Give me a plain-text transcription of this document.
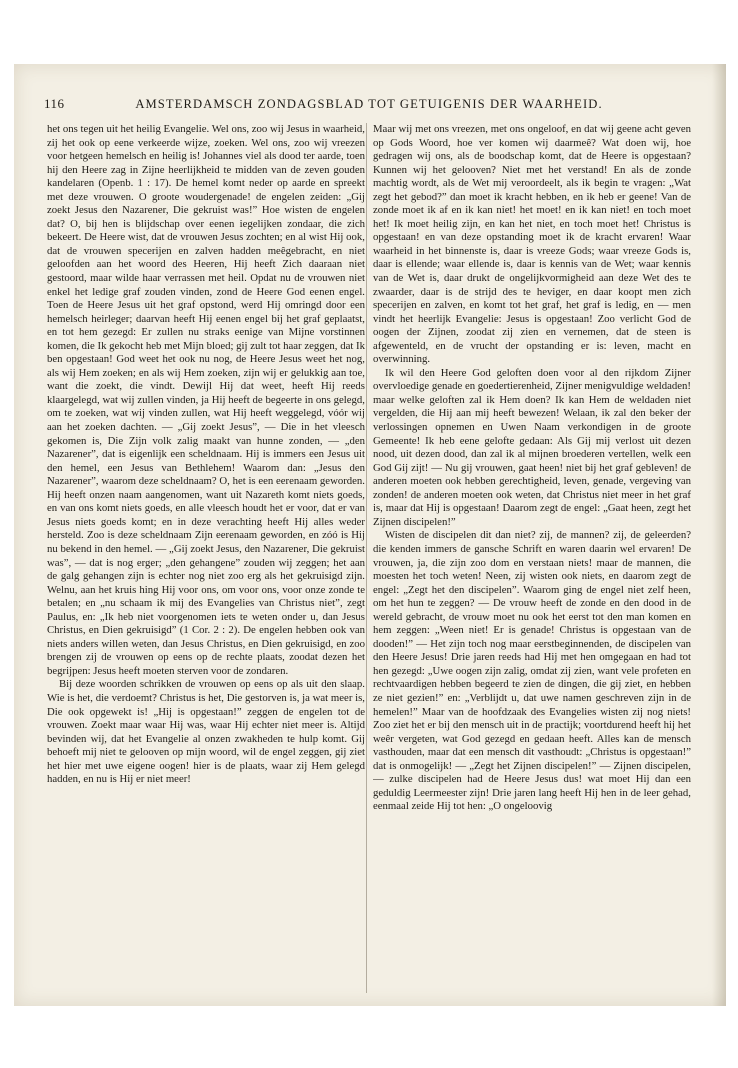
116	AMSTERDAMSCH ZONDAGSBLAD TOT GETUIGENIS DER WAARHEID.

het ons tegen uit het heilig Evangelie. Wel ons, zoo wij Jesus in waarheid, zij het ook op eene verkeerde wijze, zoeken. Wel ons, zoo wij vreezen voor hetgeen hemelsch en heilig is! Johannes viel als dood ter aarde, toen hij den Heere zag in Zijne heerlijkheid te midden van de zeven gouden kandelaren (Openb. 1 : 17). De hemel komt neder op aarde en spreekt met deze vrouwen. O groote woudergenade! de engelen zeiden: „Gij zoekt Jesus den Nazarener, Die gekruist was!” Hoe wisten de engelen dat? O, bij hen is blijdschap over eenen iegelijken zondaar, die zich bekeert. De Heere wist, dat de vrouwen Jesus zochten; en al wist Hij ook, dat de vrouwen specerijen en zalven hadden meêgebracht, en niet geloofden aan het woord des Heeren, Hij heeft Zich daaraan niet gestoord, maar wilde haar verrassen met heil. Opdat nu de vrouwen niet enkel het ledige graf zouden vinden, zond de Heere God eenen engel. Toen de Heere Jesus uit het graf opstond, werd Hij omringd door een hemelsch heirleger; daarvan heeft Hij eenen engel bij het graf geplaatst, en tot hem gezegd: Er zullen nu straks eenige van Mijne vorstinnen komen, die Ik gekocht heb met Mijn bloed; gij zult tot haar zeggen, dat Ik ben opgestaan! God weet het ook nu nog, de Heere Jesus weet het nog, als wij Hem zoeken; en als wij Hem zoeken, zijn wij er gelukkig aan toe, want die zoekt, die vindt. Dewijl Hij dat weet, heeft Hij reeds klaargelegd, wat wij zullen vinden, ja Hij heeft de begeerte in ons gelegd, om te zoeken, wat wij vinden zullen, wat Hij heeft weggelegd, vóór wij aan het zoeken dachten. — „Gij zoekt Jesus”, — Die in het vleesch gekomen is, Die Zijn volk zalig maakt van hunne zonden, — „den Nazarener”, dat is eigenlijk een scheldnaam. Hij is immers een Jesus uit den hemel, een Jesus van Bethlehem! Waarom dan: „Jesus den Nazarener”, waarom deze scheldnaam? O, het is een eerenaam geworden. Hij heeft onzen naam aangenomen, want uit Nazareth komt niets goeds, en van ons komt niets goeds, en alle vleesch houdt het er voor, dat er van Jesus niets goeds komt; en in deze verachting heeft Hij alles weder hersteld. Zoo is deze scheldnaam Zijn eerenaam geworden, en zóó is Hij nu bekend in den hemel. — „Gij zoekt Jesus, den Nazarener, Die gekruist was”, — dat is nog erger; „den gehangene” zouden wij zeggen; het aan de galg gehangen zijn is echter nog niet zoo erg als het gekruisigd zijn. Welnu, aan het kruis hing Hij voor ons, om voor ons, voor onze zonde te betalen; en „nu schaam ik mij des Evangelies van Christus niet”, zegt Paulus, en: „Ik heb niet voorgenomen iets te weten onder u, dan Jesus Christus, en Dien gekruisigd” (1 Cor. 2 : 2). De engelen hebben ook van niets anders willen weten, dan Jesus Christus, en Dien gekruisigd, en zoo brengen zij de vrouwen op eens op de rechte plaats, zoodat dezen het begrijpen: Jesus heeft moeten sterven voor de zondaren.

Bij deze woorden schrikken de vrouwen op eens op als uit den slaap. Wie is het, die verdoemt? Christus is het, Die gestorven is, ja wat meer is, Die ook opgewekt is! „Hij is opgestaan!” zeggen de engelen tot de vrouwen. Zoekt maar waar Hij was, waar Hij echter niet meer is. Altijd bevinden wij, dat het Evangelie al onzen zwakheden te hulp komt. Gij behoeft mij niet te gelooven op mijn woord, wil de engel zeggen, gij ziet het hier met uwe eigene oogen! hier is de plaats, waar zij Hem gelegd hadden, en nu is Hij er niet meer!

Maar wij met ons vreezen, met ons ongeloof, en dat wij geene acht geven op Gods Woord, hoe ver komen wij daarmeê? Wat doen wij, hoe gedragen wij ons, als de boodschap komt, dat de Heere is opgestaan? Kunnen wij het gelooven? Niet met het verstand! En als de zonde machtig wordt, als de Wet mij veroordeelt, als ik begin te vragen: „Wat zegt het gebod?” dan moet ik kracht hebben, en ik heb er geene! Van de zonde moet ik af en ik kan niet! het moet! en ik kan niet! en toch moet het! Ik moet heilig zijn, en kan het niet, en toch moet het! Christus is opgestaan! en van deze opstanding moet ik de kracht ervaren! Waar waarheid in het binnenste is, daar is vreeze Gods; waar vreeze Gods is, daar is ellende; waar ellende is, daar is kennis van de Wet; waar kennis van de Wet is, daar drukt de ongelijkvormigheid aan deze Wet des te zwaarder, daar is de strijd des te heviger, en daar koopt men zich specerijen en zalven, en komt tot het graf, het graf is ledig, en — men vindt het heerlijk Evangelie: Jesus is opgestaan! Zoo verlicht God de oogen der Zijnen, zoodat zij zien en vernemen, dat de steen is afgewenteld, en de vrucht der opstanding er is: leven, macht en overwinning.

Ik wil den Heere God geloften doen voor al den rijkdom Zijner overvloedige genade en goedertierenheid, Zijner menigvuldige weldaden! maar welke geloften zal ik Hem doen? Ik kan Hem de weldaden niet vergelden, die Hij aan mij heeft bewezen! Welaan, ik zal den beker der verlossingen opnemen en Uwen Naam verkondigen in de groote Gemeente! Ik heb eene gelofte gedaan: Als Gij mij verlost uit dezen nood, uit dezen dood, dan zal ik al mijnen broederen vertellen, welk een God Gij zijt! — Nu gij vrouwen, gaat heen! niet bij het graf gebleven! de anderen moeten ook hebben gerechtigheid, leven, genade, vergeving van zonden! de anderen moeten ook weten, dat Christus niet meer in het graf is, maar dat Hij is opgestaan! Daarom zegt de engel: „Gaat heen, zegt het Zijnen discipelen!”

Wisten de discipelen dit dan niet? zij, de mannen? zij, de geleerden? die kenden immers de gansche Schrift en waren daarin wel ervaren! De vrouwen, ja, die zijn zoo dom en verstaan niets! maar de mannen, die moesten het toch weten! Neen, zij wisten ook niets, en daarom zegt de engel: „Zegt het den discipelen”. Waarom ging de engel niet zelf heen, om het hun te zeggen? — De vrouw heeft de zonde en den dood in de wereld gebracht, de vrouw moet nu ook het eerst tot den man komen en hem zeggen: „Ween niet! Er is genade! Christus is opgestaan van de dooden!” — Het zijn toch nog maar eerstbeginnenden, de discipelen van den Heere Jesus! Drie jaren reeds had Hij met hen omgegaan en had tot hen gezegd: „Uwe oogen zijn zalig, omdat zij zien, want vele profeten en rechtvaardigen hebben begeerd te zien de dingen, die gij ziet, en hebben ze niet gezien!” en: „Verblijdt u, dat uwe namen geschreven zijn in de hemelen!” Maar van de hoofdzaak des Evangelies wisten zij nog niets! Zoo ziet het er bij den mensch uit in de practijk; voortdurend heeft hij het weêr vergeten, wat God gezegd en gedaan heeft. Alles kan de mensch vasthouden, maar dat een mensch dit vasthoudt: „Christus is opgestaan!” dat is onmogelijk! — „Zegt het Zijnen discipelen!” — Zijnen discipelen, — zulke discipelen had de Heere Jesus dus! wat moet Hij dan een geduldig Leermeester zijn! Drie jaren lang heeft Hij hen in de leer gehad, eenmaal zeide Hij tot hen: „O ongeloovig
